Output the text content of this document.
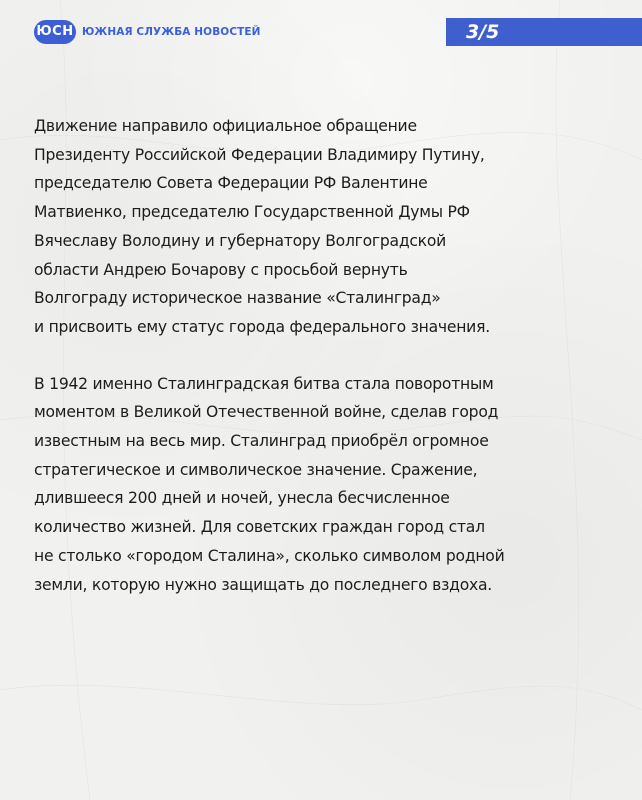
ЮСН ЮЖНАЯ СЛУЖБА НОВОСТЕЙ	3/5

Движение направило официальное обращение
Президенту Российской Федерации Владимиру Путину,
председателю Совета Федерации РФ Валентине
Матвиенко, председателю Государственной Думы РФ
Вячеславу Володину и губернатору Волгоградской
области Андрею Бочарову с просьбой вернуть
Волгограду историческое название «Сталинград»
и присвоить ему статус города федерального значения.

В 1942 именно Сталинградская битва стала поворотным
моментом в Великой Отечественной войне, сделав город
известным на весь мир. Сталинград приобрёл огромное
стратегическое и символическое значение. Сражение,
длившееся 200 дней и ночей, унесла бесчисленное
количество жизней. Для советских граждан город стал
не столько «городом Сталина», сколько символом родной
земли, которую нужно защищать до последнего вздоха.
